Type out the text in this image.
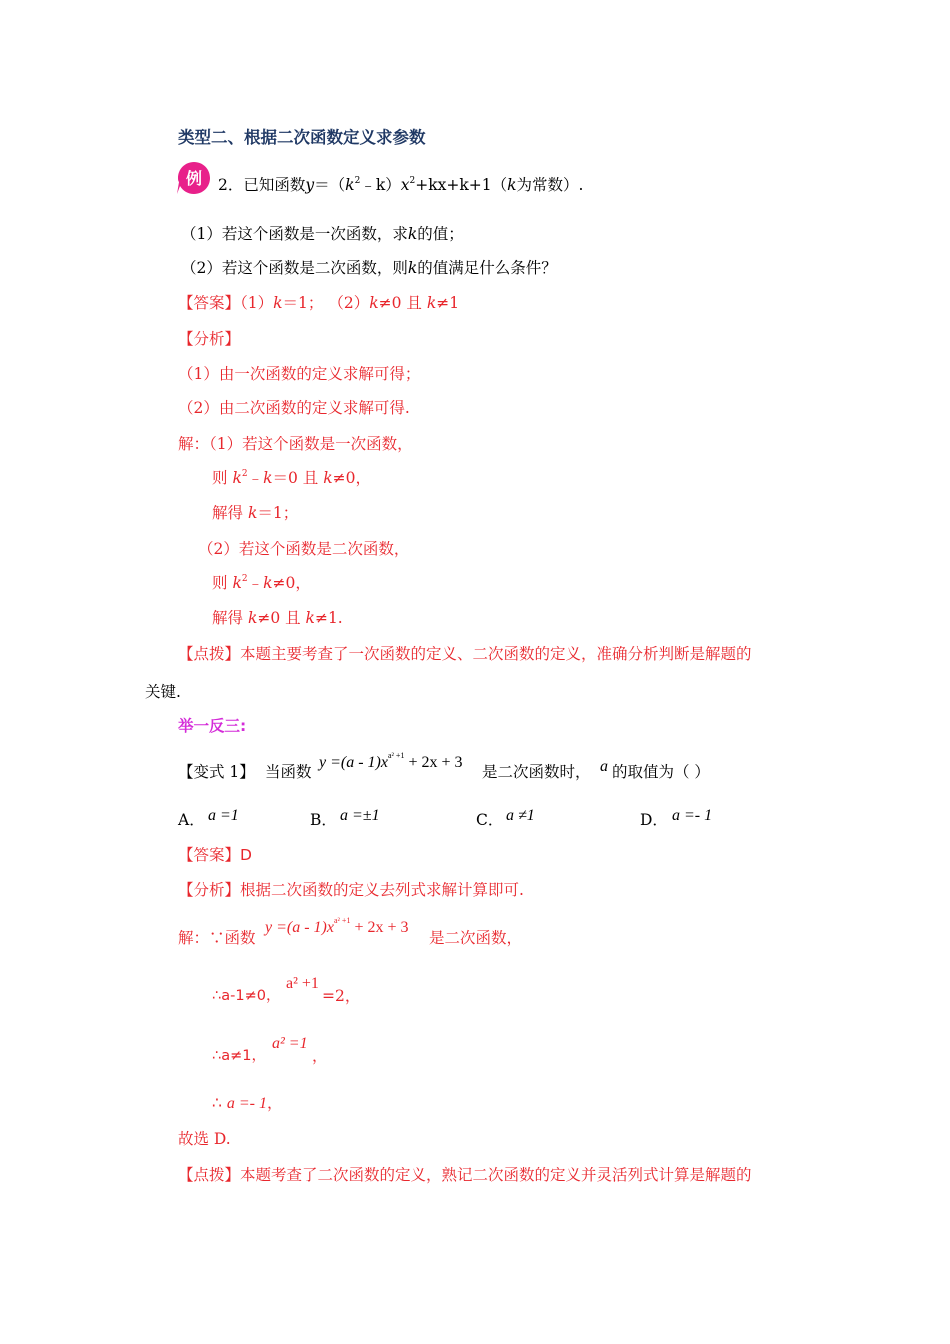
类型二、根据二次函数定义求参数
例 2．已知函数$y=(k^2﹣k)x^2+kx+k+1(k$为常数）.
（1）若这个函数是一次函数，求k的值；
（2）若这个函数是二次函数，则k的值满足什么条件？
【答案】（1）k＝1； （2）k≠0 且 k≠1
【分析】
（1）由一次函数的定义求解可得；
（2）由二次函数的定义求解可得.
解：（1）若这个函数是一次函数，
则 $k^2﹣k=0$ 且 k≠0，
解得 k＝1；
（2）若这个函数是二次函数，
则 $k^2﹣k\ne 0$，
解得 k≠0 且 k≠1.
【点拨】本题主要考查了一次函数的定义、二次函数的定义，准确分析判断是解题的
关键.
举一反三:
【变式 1】 当函数
$y =(a - 1)x^{a^2 +1} + 2x + 3$
是二次函数时， a 的取值为（ ）
A． a =1	B． a =±1	C． a ≠1	D． a =- 1
【答案】D
【分析】根据二次函数的定义去列式求解计算即可.
解：∵函数
$y =(a - 1)x^{a^2 +1} + 2x + 3$
是二次函数，
∴a-1≠0，
a² +1
=2，
∴a≠1，
a² =1
，
∴ a =- 1，
故选 D.
【点拨】本题考查了二次函数的定义，熟记二次函数的定义并灵活列式计算是解题的
